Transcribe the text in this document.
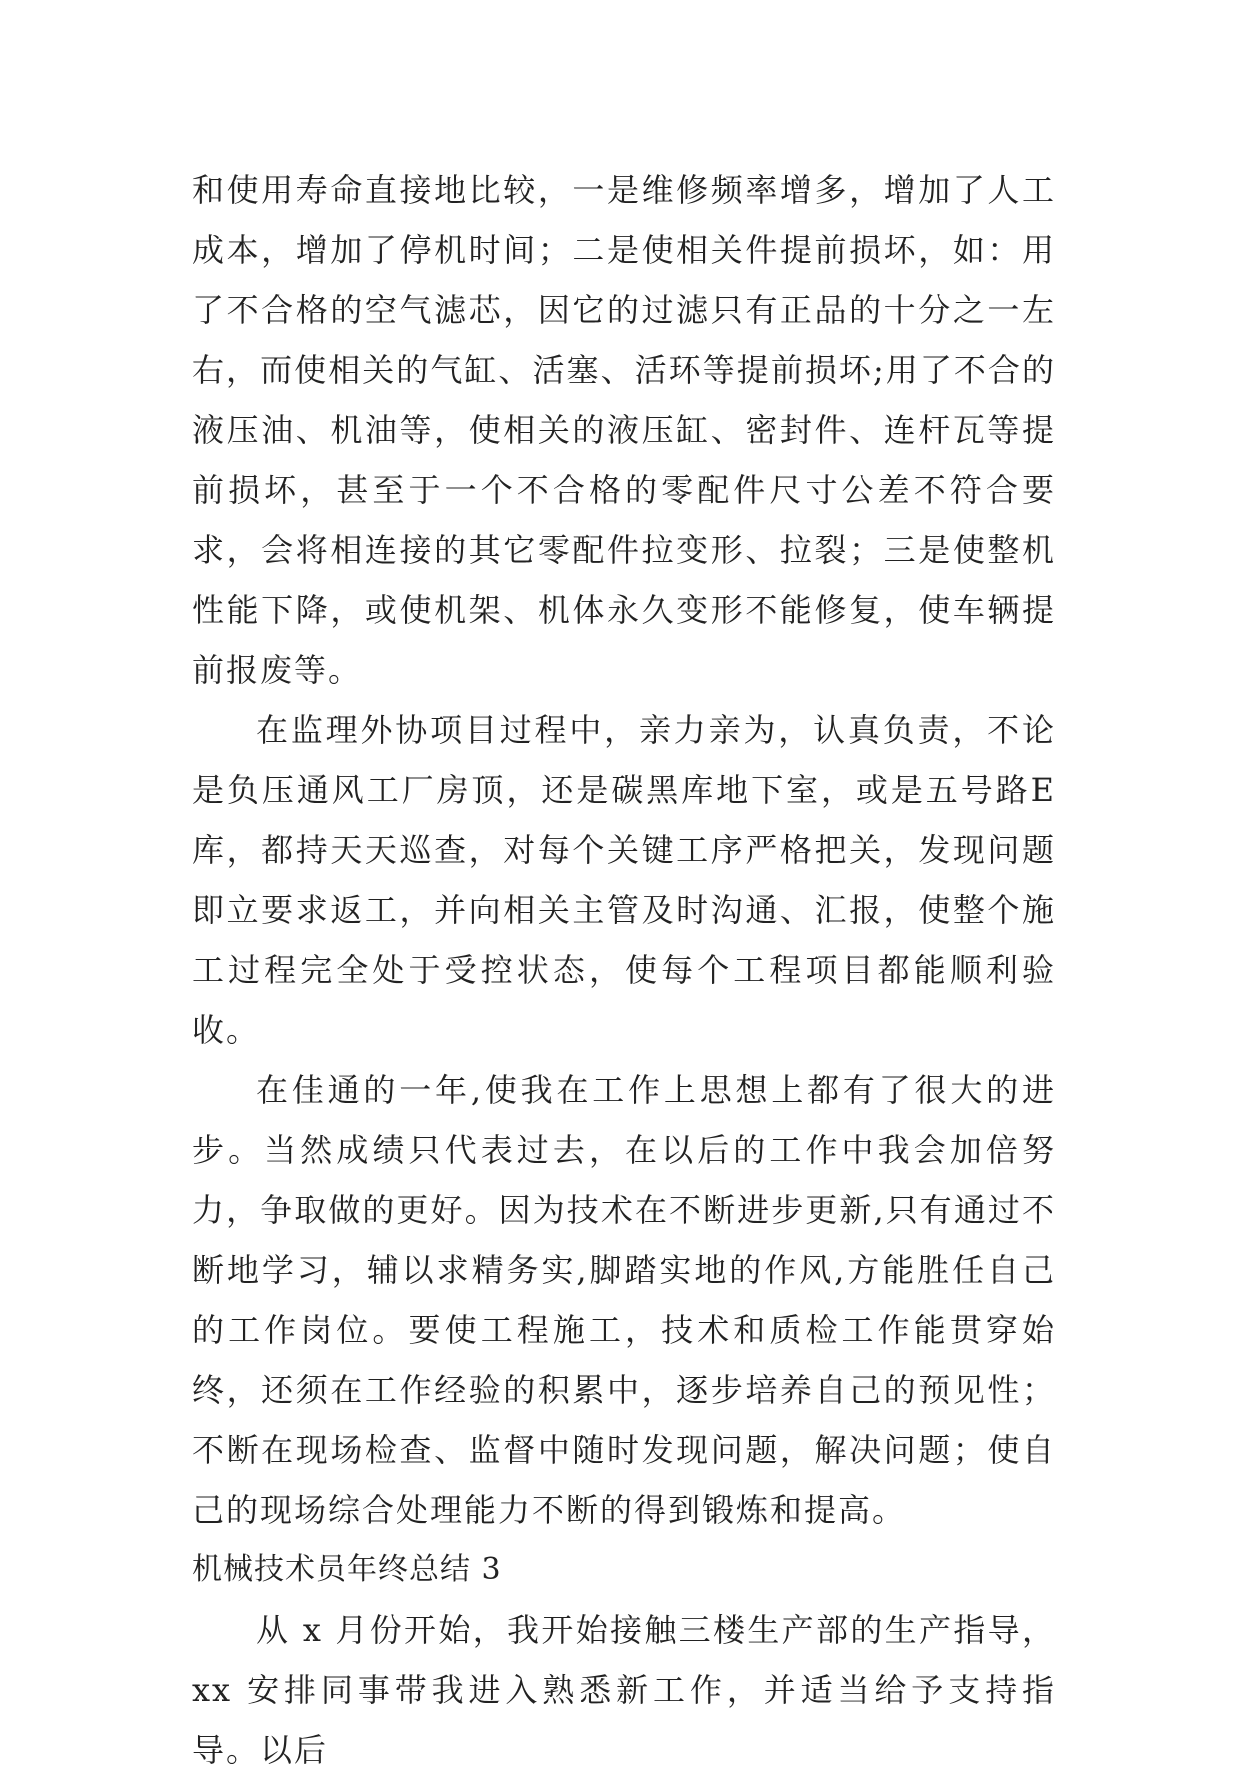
和使用寿命直接地比较，一是维修频率增多，增加了人工成本，增加了停机时间；二是使相关件提前损坏，如：用了不合格的空气滤芯，因它的过滤只有正品的十分之一左右，而使相关的气缸、活塞、活环等提前损坏;用了不合的液压油、机油等，使相关的液压缸、密封件、连杆瓦等提前损坏，甚至于一个不合格的零配件尺寸公差不符合要求，会将相连接的其它零配件拉变形、拉裂；三是使整机性能下降，或使机架、机体永久变形不能修复，使车辆提前报废等。

在监理外协项目过程中，亲力亲为，认真负责，不论是负压通风工厂房顶，还是碳黑库地下室，或是五号路E库，都持天天巡查，对每个关键工序严格把关，发现问题即立要求返工，并向相关主管及时沟通、汇报，使整个施工过程完全处于受控状态，使每个工程项目都能顺利验收。

在佳通的一年,使我在工作上思想上都有了很大的进步。当然成绩只代表过去，在以后的工作中我会加倍努力，争取做的更好。因为技术在不断进步更新,只有通过不断地学习，辅以求精务实,脚踏实地的作风,方能胜任自己的工作岗位。要使工程施工，技术和质检工作能贯穿始终，还须在工作经验的积累中，逐步培养自己的预见性；不断在现场检查、监督中随时发现问题，解决问题；使自己的现场综合处理能力不断的得到锻炼和提高。

机械技术员年终总结 3

从 x 月份开始，我开始接触三楼生产部的生产指导，xx 安排同事带我进入熟悉新工作，并适当给予支持指导。以后
